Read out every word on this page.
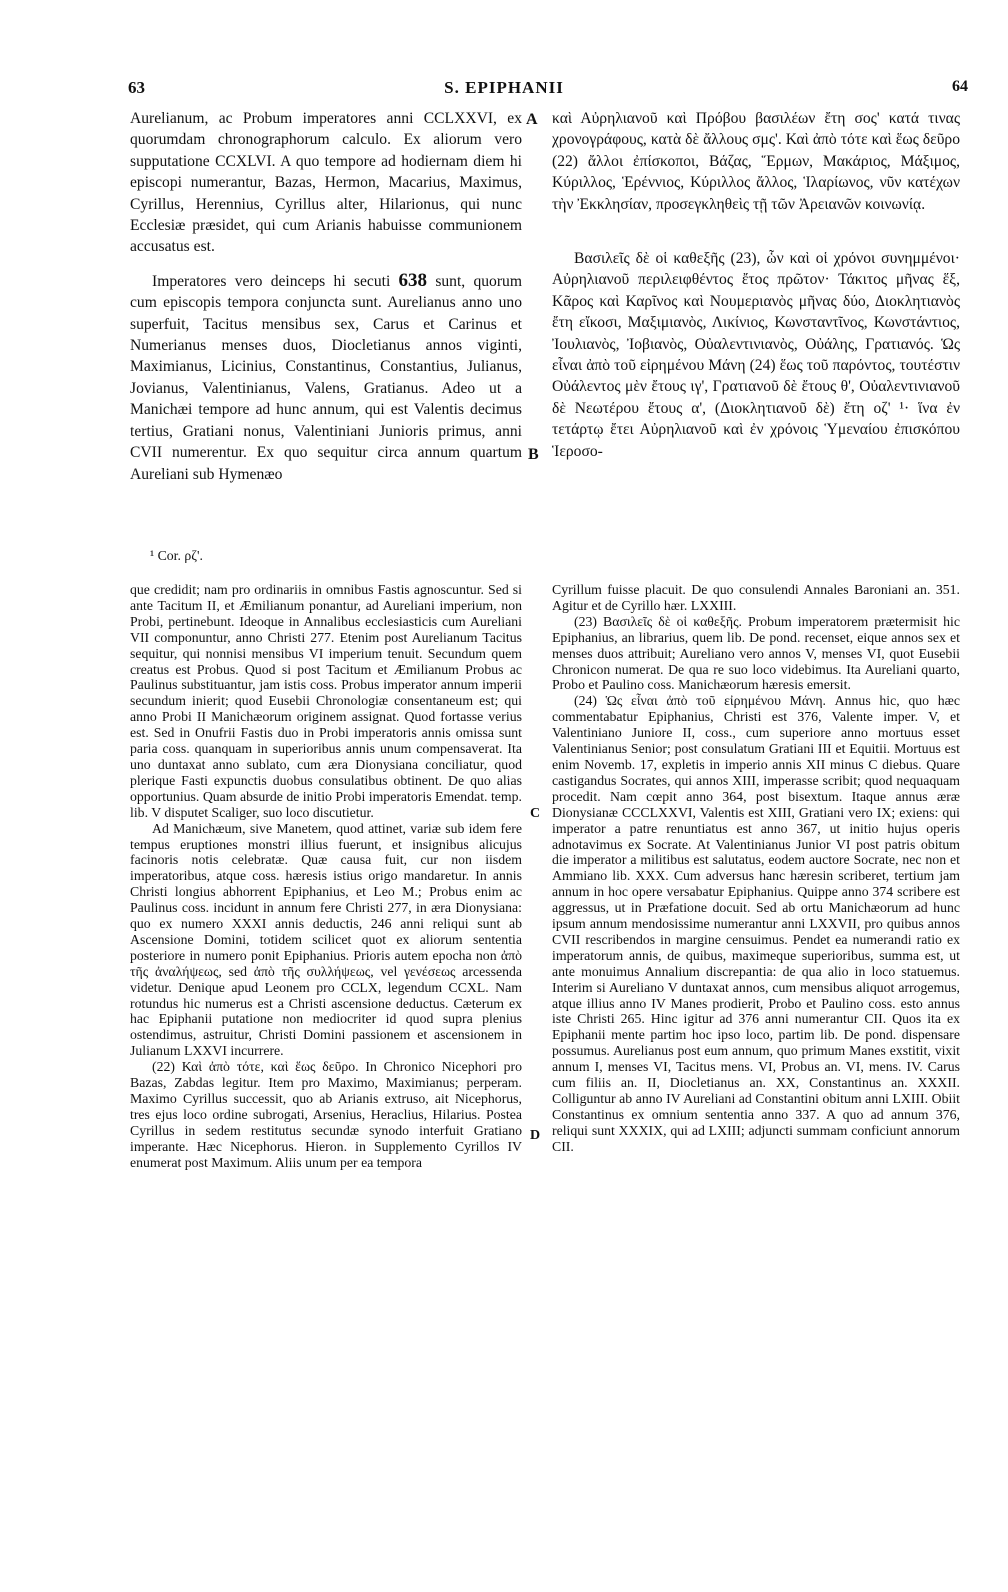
63	S. EPIPHANII	64
A
B
C
D

Aurelianum, ac Probum imperatores anni CCLXXVI, ex quorumdam chronographorum calculo. Ex aliorum vero supputatione CCXLVI. A quo tempore ad hodiernam diem hi episcopi numerantur, Bazas, Hermon, Macarius, Maximus, Cyrillus, Herennius, Cyrillus alter, Hilarionus, qui nunc Ecclesiæ præsidet, qui cum Arianis habuisse communionem accusatus est.

Imperatores vero deinceps hi secuti 638 sunt, quorum cum episcopis tempora conjuncta sunt. Aurelianus anno uno superfuit, Tacitus mensibus sex, Carus et Carinus et Numerianus menses duos, Diocletianus annos viginti, Maximianus, Licinius, Constantinus, Constantius, Julianus, Jovianus, Valentinianus, Valens, Gratianus. Adeo ut a Manichæi tempore ad hunc annum, qui est Valentis decimus tertius, Gratiani nonus, Valentiniani Junioris primus, anni CVII numerentur. Ex quo sequitur circa annum quartum Aureliani sub Hymenæo

καὶ Αὐρηλιανοῦ καὶ Πρόβου βασιλέων ἔτη σος' κατά τινας χρονογράφους, κατὰ δὲ ἄλλους σμς'. Καὶ ἀπὸ τότε καὶ ἕως δεῦρο (22) ἄλλοι ἐπίσκοποι, Βάζας, Ἕρμων, Μακάριος, Μάξιμος, Κύριλλος, Ἑρέννιος, Κύριλλος ἄλλος, Ἱλαρίωνος, νῦν κατέχων τὴν Ἐκκλησίαν, προσεγκληθεὶς τῇ τῶν Ἀρειανῶν κοινωνίᾳ.

Βασιλεῖς δὲ οἱ καθεξῆς (23), ὧν καὶ οἱ χρόνοι συνημμένοι· Αὐρηλιανοῦ περιλειφθέντος ἔτος πρῶτον· Τάκιτος μῆνας ἕξ, Κᾶρος καὶ Καρῖνος καὶ Νουμεριανὸς μῆνας δύο, Διοκλητιανὸς ἔτη εἴκοσι, Μαξιμιανὸς, Λικίνιος, Κωνσταντῖνος, Κωνστάντιος, Ἰουλιανὸς, Ἰοβιανὸς, Οὐαλεντινιανὸς, Οὐάλης, Γρατιανός. Ὡς εἶναι ἀπὸ τοῦ εἰρημένου Μάνη (24) ἕως τοῦ παρόντος, τουτέστιν Οὐάλεντος μὲν ἔτους ιγ', Γρατιανοῦ δὲ ἔτους θ', Οὐαλεντινιανοῦ δὲ Νεωτέρου ἔτους α', (Διοκλητιανοῦ δὲ) ἔτη οζ' ¹· ἵνα ἐν τετάρτῳ ἔτει Αὐρηλιανοῦ καὶ ἐν χρόνοις Ὑμεναίου ἐπισκόπου Ἱεροσο-

¹ Cor. ρζ'.

que credidit; nam pro ordinariis in omnibus Fastis agnoscuntur. Sed si ante Tacitum II, et Æmilianum ponantur, ad Aureliani imperium, non Probi, pertinebunt. Ideoque in Annalibus ecclesiasticis cum Aureliani VII componuntur, anno Christi 277. Etenim post Aurelianum Tacitus sequitur, qui nonnisi mensibus VI imperium tenuit. Secundum quem creatus est Probus. Quod si post Tacitum et Æmilianum Probus ac Paulinus substituantur, jam istis coss. Probus imperator annum imperii secundum inierit; quod Eusebii Chronologiæ consentaneum est; qui anno Probi II Manichæorum originem assignat. Quod fortasse verius est. Sed in Onufrii Fastis duo in Probi imperatoris annis omissa sunt paria coss. quanquam in superioribus annis unum compensaverat. Ita uno duntaxat anno sublato, cum æra Dionysiana conciliatur, quod plerique Fasti expunctis duobus consulatibus obtinent. De quo alias opportunius. Quam absurde de initio Probi imperatoris Emendat. temp. lib. V disputet Scaliger, suo loco discutietur.

Ad Manichæum, sive Manetem, quod attinet, variæ sub idem fere tempus eruptiones monstri illius fuerunt, et insignibus alicujus facinoris notis celebratæ. Quæ causa fuit, cur non iisdem imperatoribus, atque coss. hæresis istius origo mandaretur. In annis Christi longius abhorrent Epiphanius, et Leo M.; Probus enim ac Paulinus coss. incidunt in annum fere Christi 277, in æra Dionysiana: quo ex numero XXXI annis deductis, 246 anni reliqui sunt ab Ascensione Domini, totidem scilicet quot ex aliorum sententia posteriore in numero ponit Epiphanius. Prioris autem epocha non ἀπὸ τῆς ἀναλήψεως, sed ἀπὸ τῆς συλλήψεως, vel γενέσεως arcessenda videtur. Denique apud Leonem pro CCLX, legendum CCXL. Nam rotundus hic numerus est a Christi ascensione deductus. Cæterum ex hac Epiphanii putatione non mediocriter id quod supra plenius ostendimus, astruitur, Christi Domini passionem et ascensionem in Julianum LXXVI incurrere.

(22) Καὶ ἀπὸ τότε, καὶ ἕως δεῦρο. In Chronico Nicephori pro Bazas, Zabdas legitur. Item pro Maximo, Maximianus; perperam. Maximo Cyrillus successit, quo ab Arianis extruso, ait Nicephorus, tres ejus loco ordine subrogati, Arsenius, Heraclius, Hilarius. Postea Cyrillus in sedem restitutus secundæ synodo interfuit Gratiano imperante. Hæc Nicephorus. Hieron. in Supplemento Cyrillos IV enumerat post Maximum. Aliis unum per ea tempora

Cyrillum fuisse placuit. De quo consulendi Annales Baroniani an. 351. Agitur et de Cyrillo hær. LXXIII.

(23) Βασιλεῖς δὲ οἱ καθεξῆς. Probum imperatorem prætermisit hic Epiphanius, an librarius, quem lib. De pond. recenset, eique annos sex et menses duos attribuit; Aureliano vero annos V, menses VI, quot Eusebii Chronicon numerat. De qua re suo loco videbimus. Ita Aureliani quarto, Probo et Paulino coss. Manichæorum hæresis emersit.

(24) Ὡς εἶναι ἀπὸ τοῦ εἰρημένου Μάνη. Annus hic, quo hæc commentabatur Epiphanius, Christi est 376, Valente imper. V, et Valentiniano Juniore II, coss., cum superiore anno mortuus esset Valentinianus Senior; post consulatum Gratiani III et Equitii. Mortuus est enim Novemb. 17, expletis in imperio annis XII minus C diebus. Quare castigandus Socrates, qui annos XIII, imperasse scribit; quod nequaquam procedit. Nam cœpit anno 364, post bisextum. Itaque annus æræ Dionysianæ CCCLXXVI, Valentis est XIII, Gratiani vero IX; exiens: qui imperator a patre renuntiatus est anno 367, ut initio hujus operis adnotavimus ex Socrate. At Valentinianus Junior VI post patris obitum die imperator a militibus est salutatus, eodem auctore Socrate, nec non et Ammiano lib. XXX. Cum adversus hanc hæresin scriberet, tertium jam annum in hoc opere versabatur Epiphanius. Quippe anno 374 scribere est aggressus, ut in Præfatione docuit. Sed ab ortu Manichæorum ad hunc ipsum annum mendosissime numerantur anni LXXVII, pro quibus annos CVII rescribendos in margine censuimus. Pendet ea numerandi ratio ex imperatorum annis, de quibus, maximeque superioribus, summa est, ut ante monuimus Annalium discrepantia: de qua alio in loco statuemus. Interim si Aureliano V duntaxat annos, cum mensibus aliquot arrogemus, atque illius anno IV Manes prodierit, Probo et Paulino coss. esto annus iste Christi 265. Hinc igitur ad 376 anni numerantur CII. Quos ita ex Epiphanii mente partim hoc ipso loco, partim lib. De pond. dispensare possumus. Aurelianus post eum annum, quo primum Manes exstitit, vixit annum I, menses VI, Tacitus mens. VI, Probus an. VI, mens. IV. Carus cum filiis an. II, Diocletianus an. XX, Constantinus an. XXXII. Colliguntur ab anno IV Aureliani ad Constantini obitum anni LXIII. Obiit Constantinus ex omnium sententia anno 337. A quo ad annum 376, reliqui sunt XXXIX, qui ad LXIII; adjuncti summam conficiunt annorum CII.
